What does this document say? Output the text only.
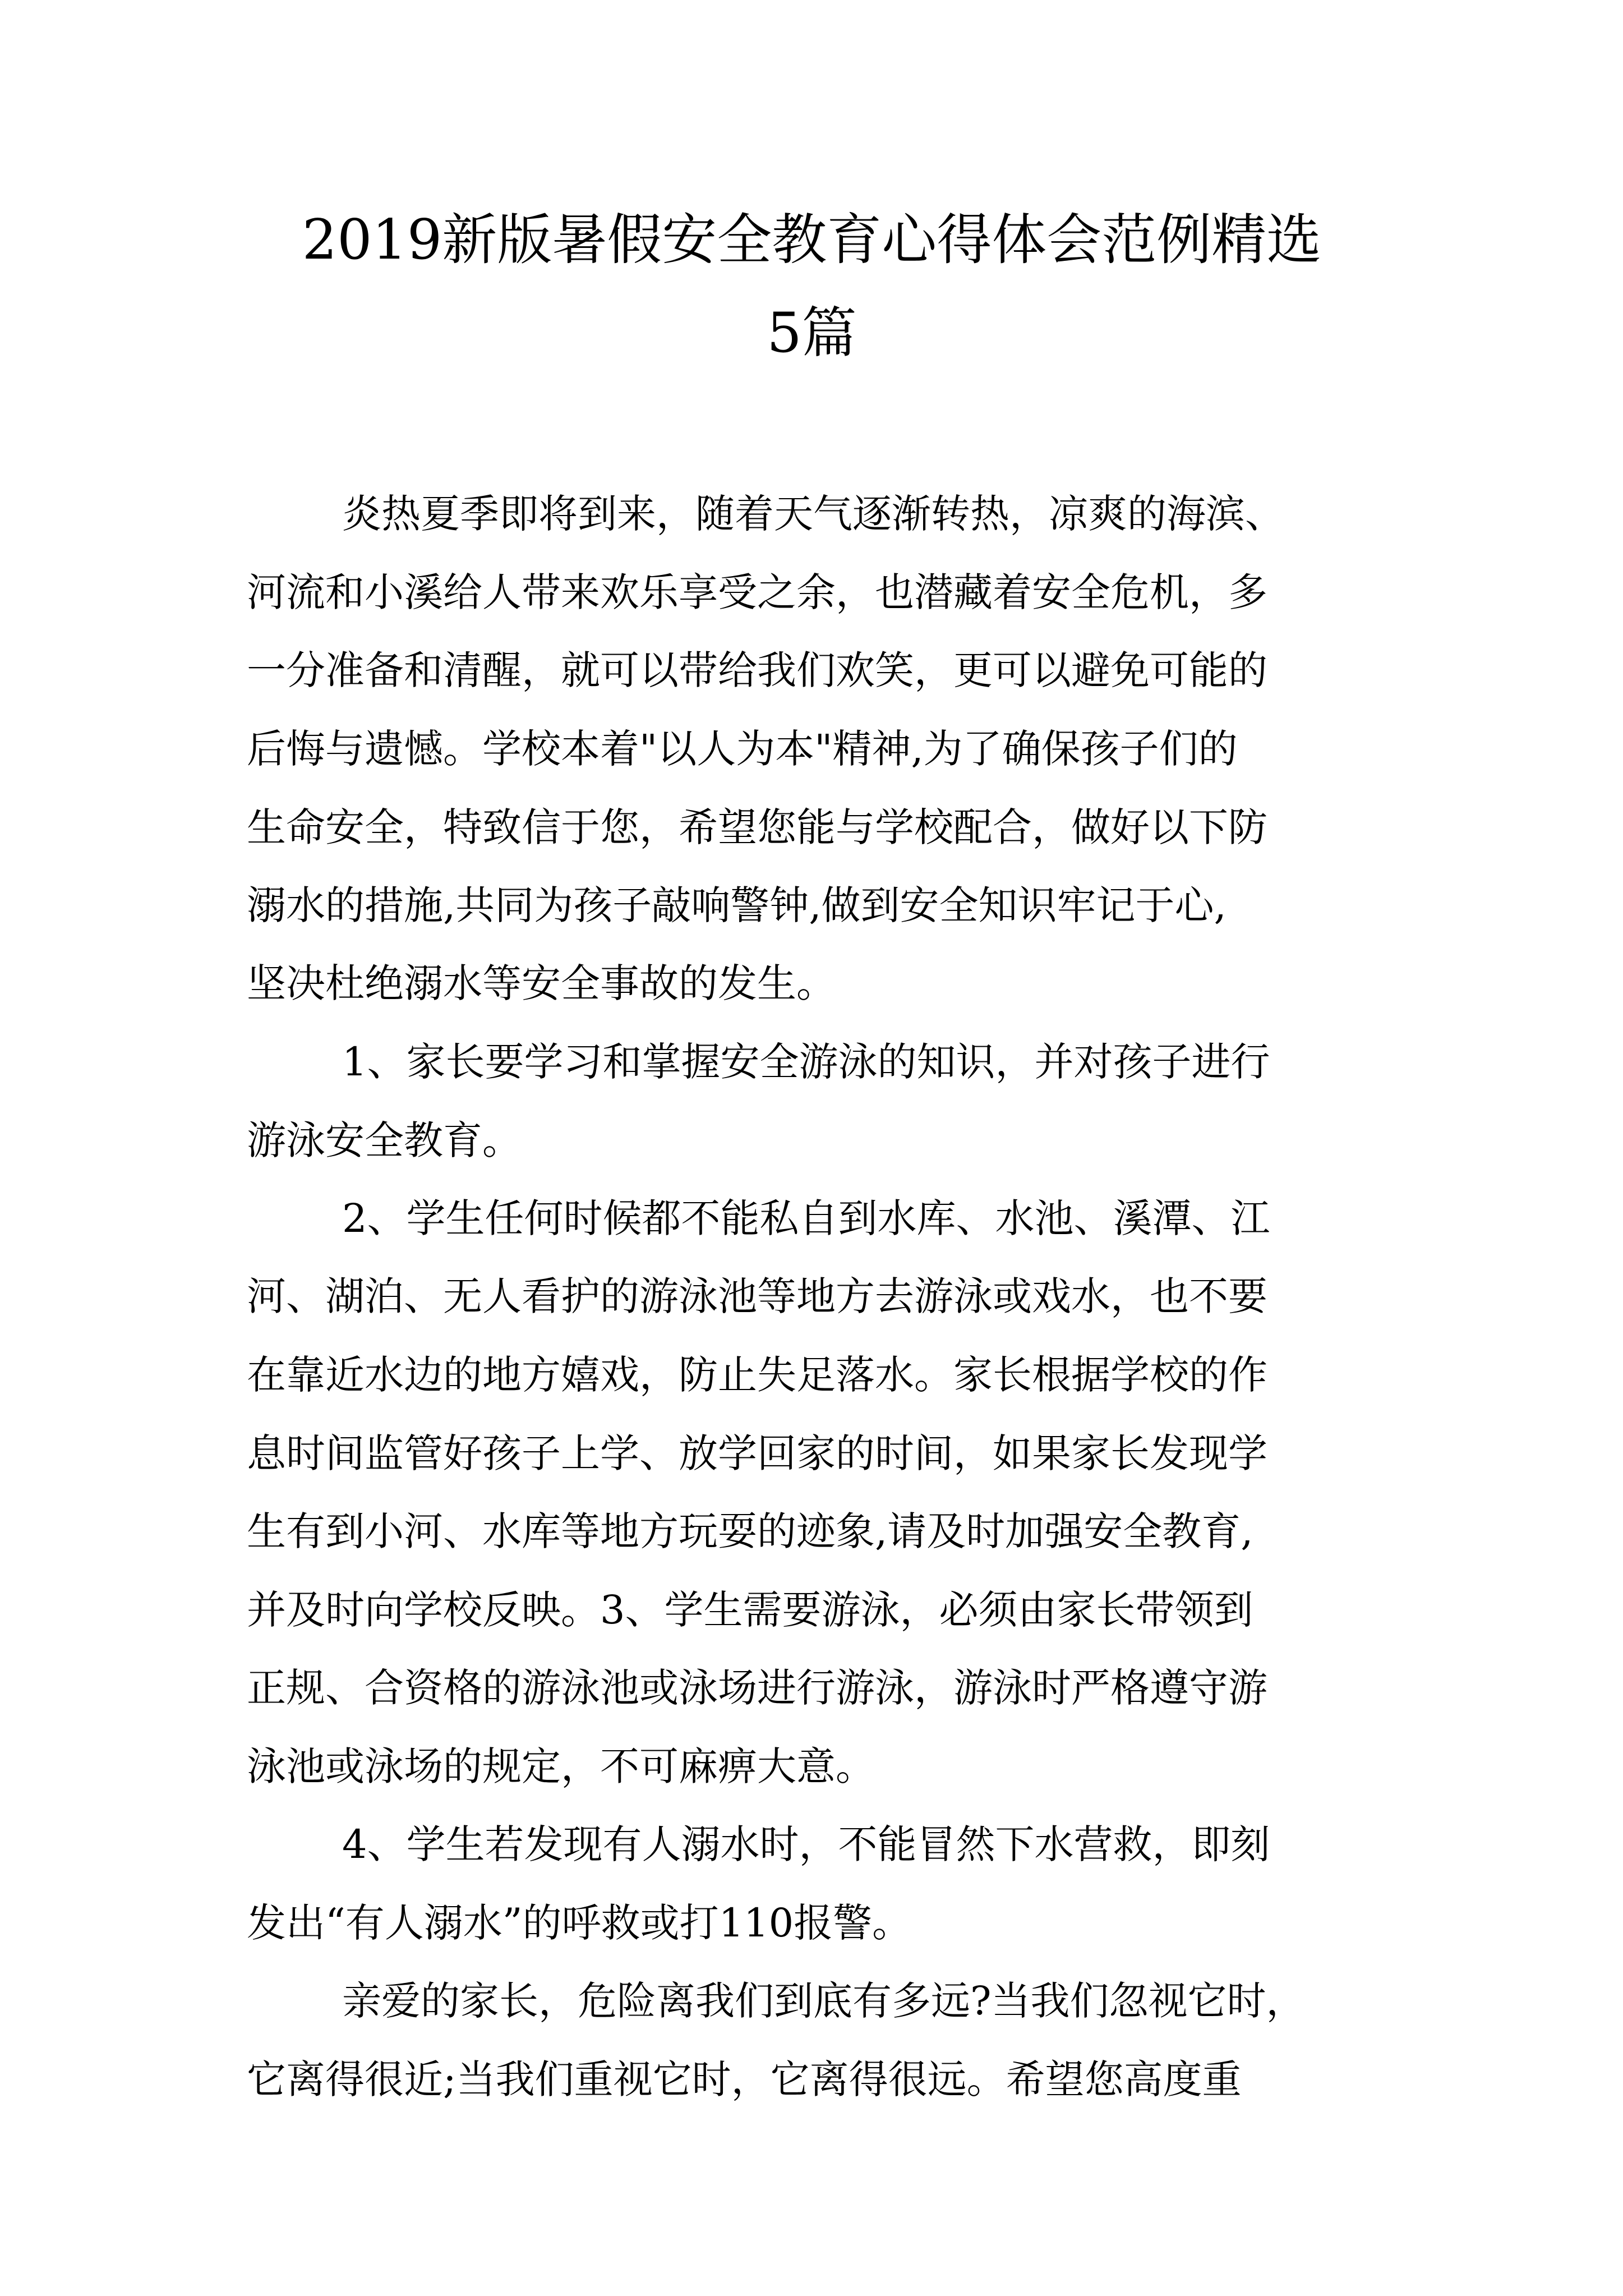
2019新版暑假安全教育心得体会范例精选
5篇

炎热夏季即将到来，随着天气逐渐转热，凉爽的海滨、

河流和小溪给人带来欢乐享受之余，也潜藏着安全危机，多

一分准备和清醒，就可以带给我们欢笑，更可以避免可能的

后悔与遗憾。学校本着"以人为本"精神,为了确保孩子们的

生命安全，特致信于您，希望您能与学校配合，做好以下防

溺水的措施,共同为孩子敲响警钟,做到安全知识牢记于心,

坚决杜绝溺水等安全事故的发生。

1、家长要学习和掌握安全游泳的知识，并对孩子进行

游泳安全教育。

2、学生任何时候都不能私自到水库、水池、溪潭、江

河、湖泊、无人看护的游泳池等地方去游泳或戏水，也不要

在靠近水边的地方嬉戏，防止失足落水。家长根据学校的作

息时间监管好孩子上学、放学回家的时间，如果家长发现学

生有到小河、水库等地方玩耍的迹象,请及时加强安全教育,

并及时向学校反映。3、学生需要游泳，必须由家长带领到

正规、合资格的游泳池或泳场进行游泳，游泳时严格遵守游

泳池或泳场的规定，不可麻痹大意。

4、学生若发现有人溺水时，不能冒然下水营救，即刻

发出“有人溺水”的呼救或打110报警。

亲爱的家长，危险离我们到底有多远?当我们忽视它时，

它离得很近;当我们重视它时，它离得很远。希望您高度重
